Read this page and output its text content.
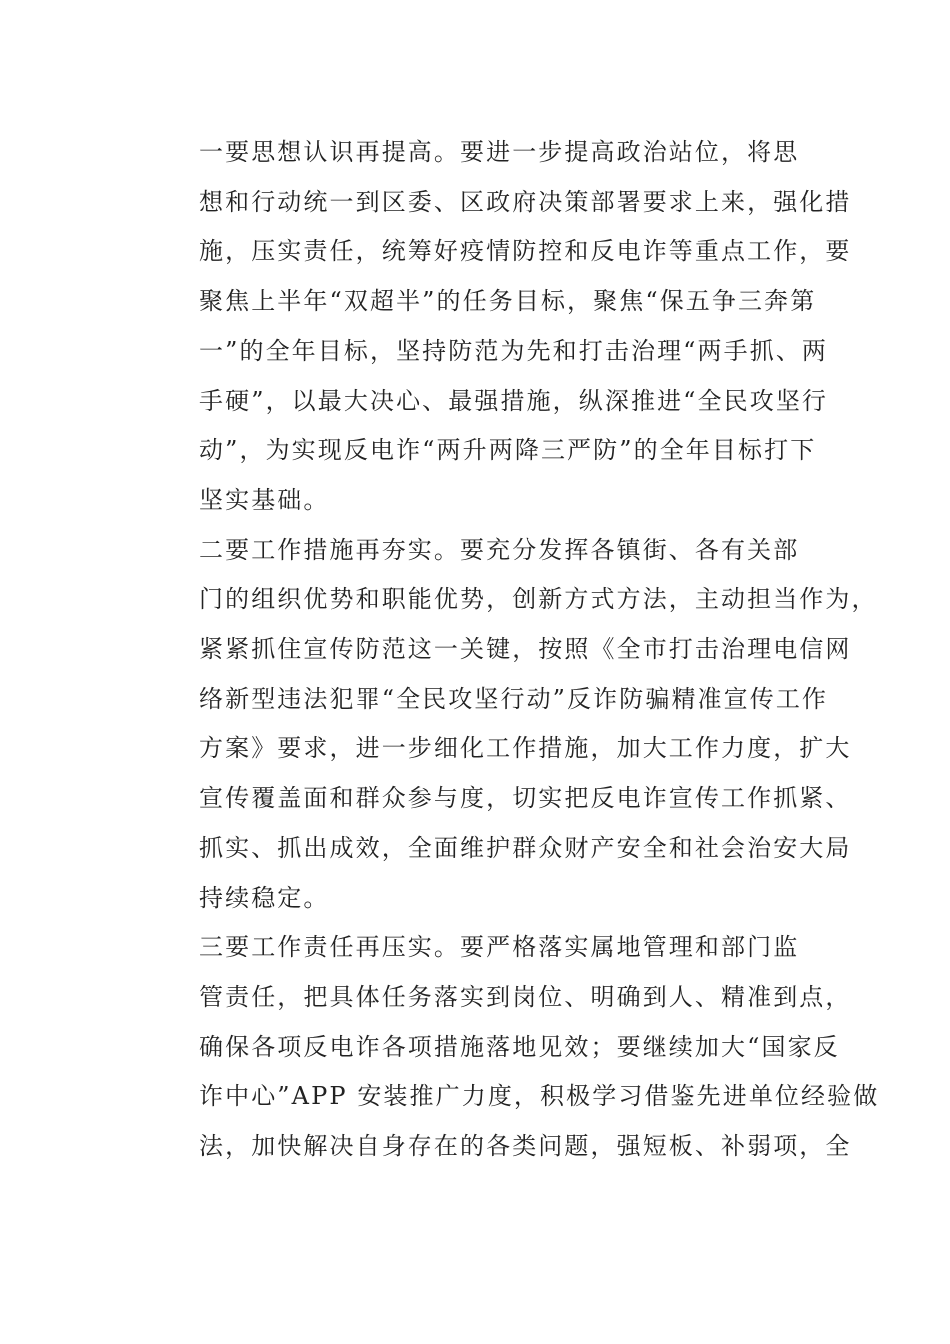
一要思想认识再提高。要进一步提高政治站位，将思
想和行动统一到区委、区政府决策部署要求上来，强化措
施，压实责任，统筹好疫情防控和反电诈等重点工作，要
聚焦上半年“双超半”的任务目标，聚焦“保五争三奔第
一”的全年目标，坚持防范为先和打击治理“两手抓、两
手硬”，以最大决心、最强措施，纵深推进“全民攻坚行
动”，为实现反电诈“两升两降三严防”的全年目标打下
坚实基础。

二要工作措施再夯实。要充分发挥各镇街、各有关部
门的组织优势和职能优势，创新方式方法，主动担当作为，
紧紧抓住宣传防范这一关键，按照《全市打击治理电信网
络新型违法犯罪“全民攻坚行动”反诈防骗精准宣传工作
方案》要求，进一步细化工作措施，加大工作力度，扩大
宣传覆盖面和群众参与度，切实把反电诈宣传工作抓紧、
抓实、抓出成效，全面维护群众财产安全和社会治安大局
持续稳定。

三要工作责任再压实。要严格落实属地管理和部门监
管责任，把具体任务落实到岗位、明确到人、精准到点，
确保各项反电诈各项措施落地见效；要继续加大“国家反
诈中心”APP 安装推广力度，积极学习借鉴先进单位经验做
法，加快解决自身存在的各类问题，强短板、补弱项，全
